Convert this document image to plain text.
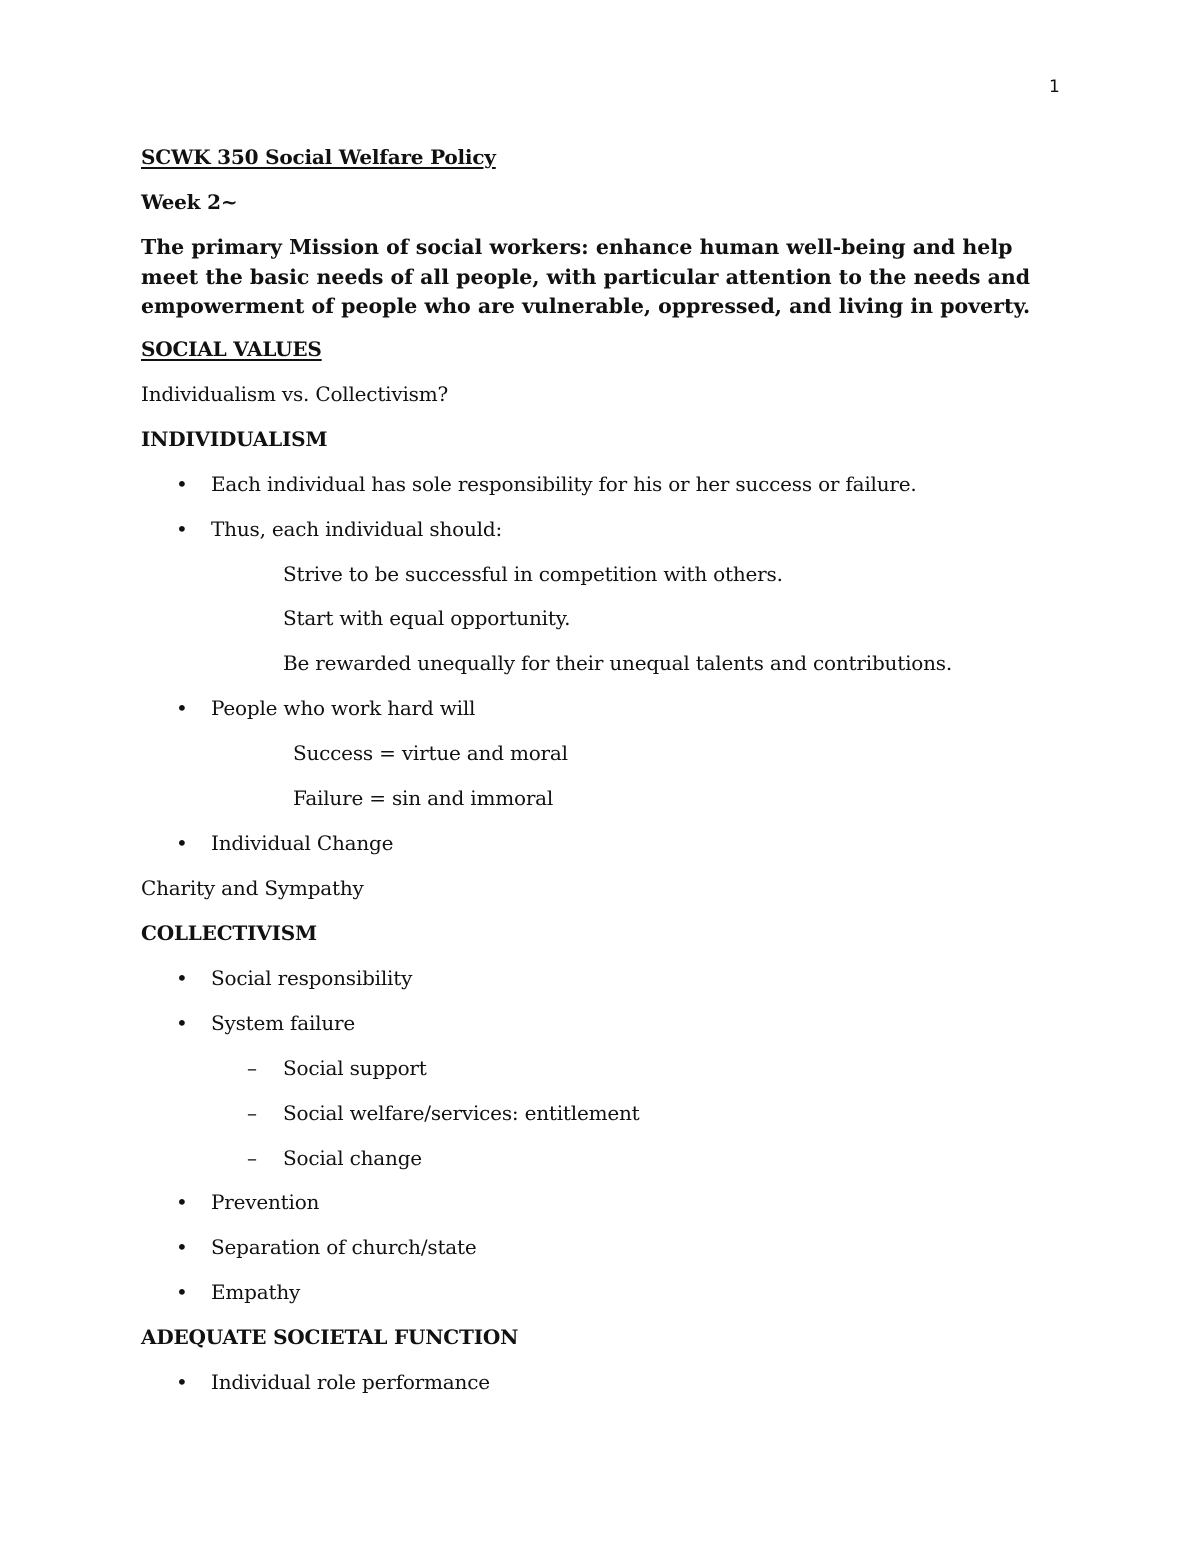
1

SCWK 350 Social Welfare Policy

Week 2~

The primary Mission of social workers: enhance human well-being and help meet the basic needs of all people, with particular attention to the needs and empowerment of people who are vulnerable, oppressed, and living in poverty.

SOCIAL VALUES

Individualism vs. Collectivism?

INDIVIDUALISM

• Each individual has sole responsibility for his or her success or failure.

• Thus, each individual should:

Strive to be successful in competition with others.

Start with equal opportunity.

Be rewarded unequally for their unequal talents and contributions.

• People who work hard will

Success = virtue and moral

Failure = sin and immoral

• Individual Change

Charity and Sympathy

COLLECTIVISM

• Social responsibility

• System failure

– Social support

– Social welfare/services: entitlement

– Social change

• Prevention

• Separation of church/state

• Empathy

ADEQUATE SOCIETAL FUNCTION

• Individual role performance
